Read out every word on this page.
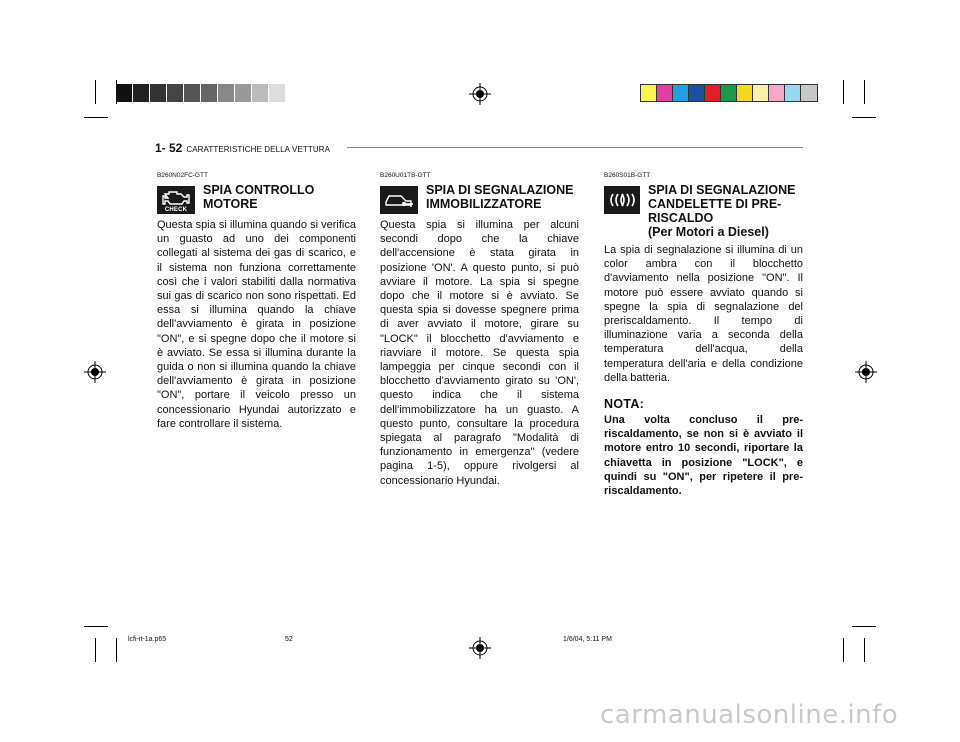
1- 52 CARATTERISTICHE DELLA VETTURA
B260N02FC-GTT
CHECK
SPIA CONTROLLO
MOTORE

Questa spia si illumina quando si verifica un guasto ad uno dei componenti collegati al sistema dei gas di scarico, e il sistema non funziona correttamente così che i valori stabiliti dalla normativa sui gas di scarico non sono rispettati. Ed essa si illumina quando la chiave dell'avviamento è girata in posizione "ON", e si spegne dopo che il motore si è avviato. Se essa si illumina durante la guida o non si illumina quando la chiave dell'avviamento è girata in posizione "ON", portare il veicolo presso un concessionario Hyundai autorizzato e fare controllare il sistema.

B260U01TB-GTT
SPIA DI SEGNALAZIONE
IMMOBILIZZATORE

Questa spia si illumina per alcuni secondi dopo che la chiave dell'accensione è stata girata in posizione 'ON'. A questo punto, si può avviare il motore. La spia si spegne dopo che il motore si è avviato. Se questa spia si dovesse spegnere prima di aver avviato il motore, girare su "LOCK" il blocchetto d'avviamento e riavviare il motore. Se questa spia lampeggia per cinque secondi con il blocchetto d'avviamento girato su 'ON', questo indica che il sistema dell'immobilizzatore ha un guasto. A questo punto, consultare la procedura spiegata al paragrafo "Modalità di funzionamento in emergenza" (vedere pagina 1-5), oppure rivolgersi al concessionario Hyundai.

B260S01B-GTT
SPIA DI SEGNALAZIONE
CANDELETTE DI PRE-
RISCALDO
(Per Motori a Diesel)

La spia di segnalazione si illumina di un color ambra con il blocchetto d'avviamento nella posizione "ON". Il motore può essere avviato quando si spegne la spia di segnalazione del preriscaldamento. Il tempo di illuminazione varia a seconda della temperatura dell'acqua, della temperatura dell'aria e della condizione della batteria.

NOTA:

Una volta concluso il pre-riscaldamento, se non si è avviato il motore entro 10 secondi, riportare la chiavetta in posizione "LOCK", e quindi su "ON", per ripetere il pre-riscaldamento.

lcfi-it-1a.p65	52	1/6/04, 5:11 PM
carmanualsonline.info
